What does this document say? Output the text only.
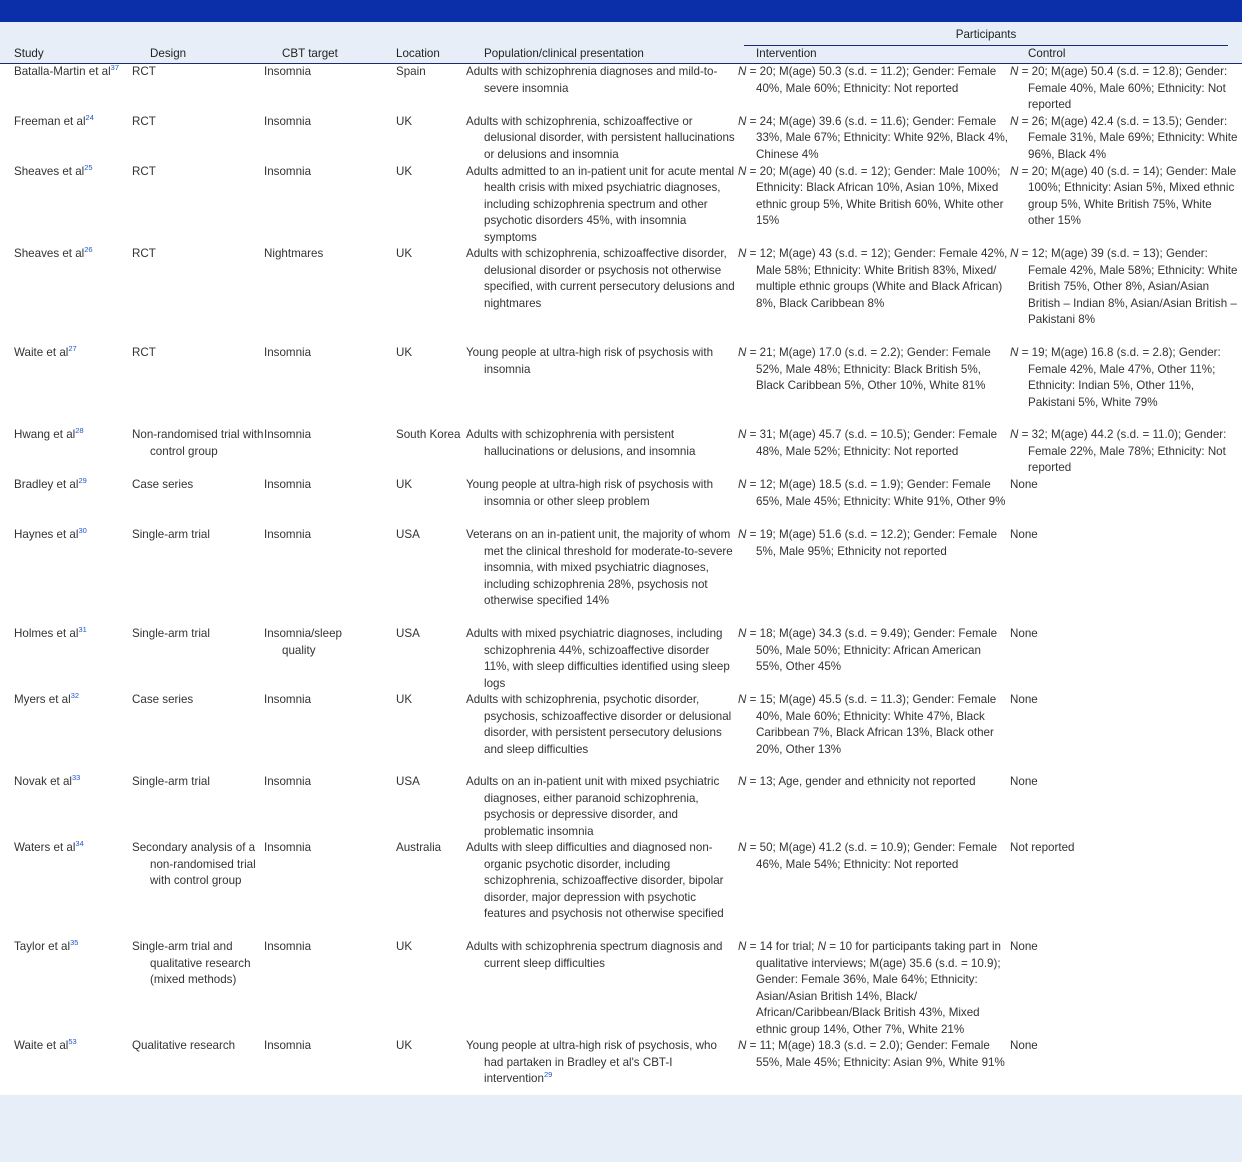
					Participants	

Study	Design	CBT target	Location	Population/clinical presentation	Intervention	Control
Batalla-Martin et $al^{37}$	RCT	Insomnia	Spain	Adults with schizophrenia diagnoses and mild-to-severe insomnia	N = 20; M(age) 50.3 (s.d. = 11.2); Gender: Female 40%, Male 60%; Ethnicity: Not reported	N = 20; M(age) 50.4 (s.d. = 12.8); Gender: Female 40%, Male 60%; Ethnicity: Not reported
Freeman et $al^{24}$	RCT	Insomnia	UK	Adults with schizophrenia, schizoaffective or delusional disorder, with persistent hallucinations or delusions and insomnia	N = 24; M(age) 39.6 (s.d. = 11.6); Gender: Female 33%, Male 67%; Ethnicity: White 92%, Black 4%, Chinese 4%	N = 26; M(age) 42.4 (s.d. = 13.5); Gender: Female 31%, Male 69%; Ethnicity: White 96%, Black 4%
Sheaves et $al^{25}$	RCT	Insomnia	UK	Adults admitted to an in-patient unit for acute mental health crisis with mixed psychiatric diagnoses, including schizophrenia spectrum and other psychotic disorders 45%, with insomnia symptoms	N = 20; M(age) 40 (s.d. = 12); Gender: Male 100%; Ethnicity: Black African 10%, Asian 10%, Mixed ethnic group 5%, White British 60%, White other 15%	N = 20; M(age) 40 (s.d. = 14); Gender: Male 100%; Ethnicity: Asian 5%, Mixed ethnic group 5%, White British 75%, White other 15%
Sheaves et $al^{26}$	RCT	Nightmares	UK	Adults with schizophrenia, schizoaffective disorder, delusional disorder or psychosis not otherwise specified, with current persecutory delusions and nightmares	N = 12; M(age) 43 (s.d. = 12); Gender: Female 42%, Male 58%; Ethnicity: White British 83%, Mixed/ multiple ethnic groups (White and Black African) 8%, Black Caribbean 8%	N = 12; M(age) 39 (s.d. = 13); Gender: Female 42%, Male 58%; Ethnicity: White British 75%, Other 8%, Asian/Asian British – Indian 8%, Asian/Asian British – Pakistani 8%
Waite et $al^{27}$	RCT	Insomnia	UK	Young people at ultra-high risk of psychosis with insomnia	N = 21; M(age) 17.0 (s.d. = 2.2); Gender: Female 52%, Male 48%; Ethnicity: Black British 5%, Black Caribbean 5%, Other 10%, White 81%	N = 19; M(age) 16.8 (s.d. = 2.8); Gender: Female 42%, Male 47%, Other 11%; Ethnicity: Indian 5%, Other 11%, Pakistani 5%, White 79%
Hwang et $al^{28}$	Non-randomised trial with control group	Insomnia	South Korea	Adults with schizophrenia with persistent hallucinations or delusions, and insomnia	N = 31; M(age) 45.7 (s.d. = 10.5); Gender: Female 48%, Male 52%; Ethnicity: Not reported	N = 32; M(age) 44.2 (s.d. = 11.0); Gender: Female 22%, Male 78%; Ethnicity: Not reported
Bradley et $al^{29}$	Case series	Insomnia	UK	Young people at ultra-high risk of psychosis with insomnia or other sleep problem	N = 12; M(age) 18.5 (s.d. = 1.9); Gender: Female 65%, Male 45%; Ethnicity: White 91%, Other 9%	None
Haynes et $al^{30}$	Single-arm trial	Insomnia	USA	Veterans on an in-patient unit, the majority of whom met the clinical threshold for moderate-to-severe insomnia, with mixed psychiatric diagnoses, including schizophrenia 28%, psychosis not otherwise specified 14%	N = 19; M(age) 51.6 (s.d. = 12.2); Gender: Female 5%, Male 95%; Ethnicity not reported	None
Holmes et $al^{31}$	Single-arm trial	Insomnia/sleep quality	USA	Adults with mixed psychiatric diagnoses, including schizophrenia 44%, schizoaffective disorder 11%, with sleep difficulties identified using sleep logs	N = 18; M(age) 34.3 (s.d. = 9.49); Gender: Female 50%, Male 50%; Ethnicity: African American 55%, Other 45%	None
Myers et $al^{32}$	Case series	Insomnia	UK	Adults with schizophrenia, psychotic disorder, psychosis, schizoaffective disorder or delusional disorder, with persistent persecutory delusions and sleep difficulties	N = 15; M(age) 45.5 (s.d. = 11.3); Gender: Female 40%, Male 60%; Ethnicity: White 47%, Black Caribbean 7%, Black African 13%, Black other 20%, Other 13%	None
Novak et $al^{33}$	Single-arm trial	Insomnia	USA	Adults on an in-patient unit with mixed psychiatric diagnoses, either paranoid schizophrenia, psychosis or depressive disorder, and problematic insomnia	N = 13; Age, gender and ethnicity not reported	None
Waters et $al^{34}$	Secondary analysis of a non-randomised trial with control group	Insomnia	Australia	Adults with sleep difficulties and diagnosed non-organic psychotic disorder, including schizophrenia, schizoaffective disorder, bipolar disorder, major depression with psychotic features and psychosis not otherwise specified	N = 50; M(age) 41.2 (s.d. = 10.9); Gender: Female 46%, Male 54%; Ethnicity: Not reported	Not reported
Taylor et $al^{35}$	Single-arm trial and qualitative research (mixed methods)	Insomnia	UK	Adults with schizophrenia spectrum diagnosis and current sleep difficulties	N = 14 for trial; N = 10 for participants taking part in qualitative interviews; M(age) 35.6 (s.d. = 10.9); Gender: Female 36%, Male 64%; Ethnicity: Asian/Asian British 14%, Black/ African/Caribbean/Black British 43%, Mixed ethnic group 14%, Other 7%, White 21%	None
Waite et $al^{53}$	Qualitative research	Insomnia	UK	Young people at ultra-high risk of psychosis, who had partaken in Bradley et al's CBT-I intervention$^{29}$	N = 11; M(age) 18.3 (s.d. = 2.0); Gender: Female 55%, Male 45%; Ethnicity: Asian 9%, White 91%	None
